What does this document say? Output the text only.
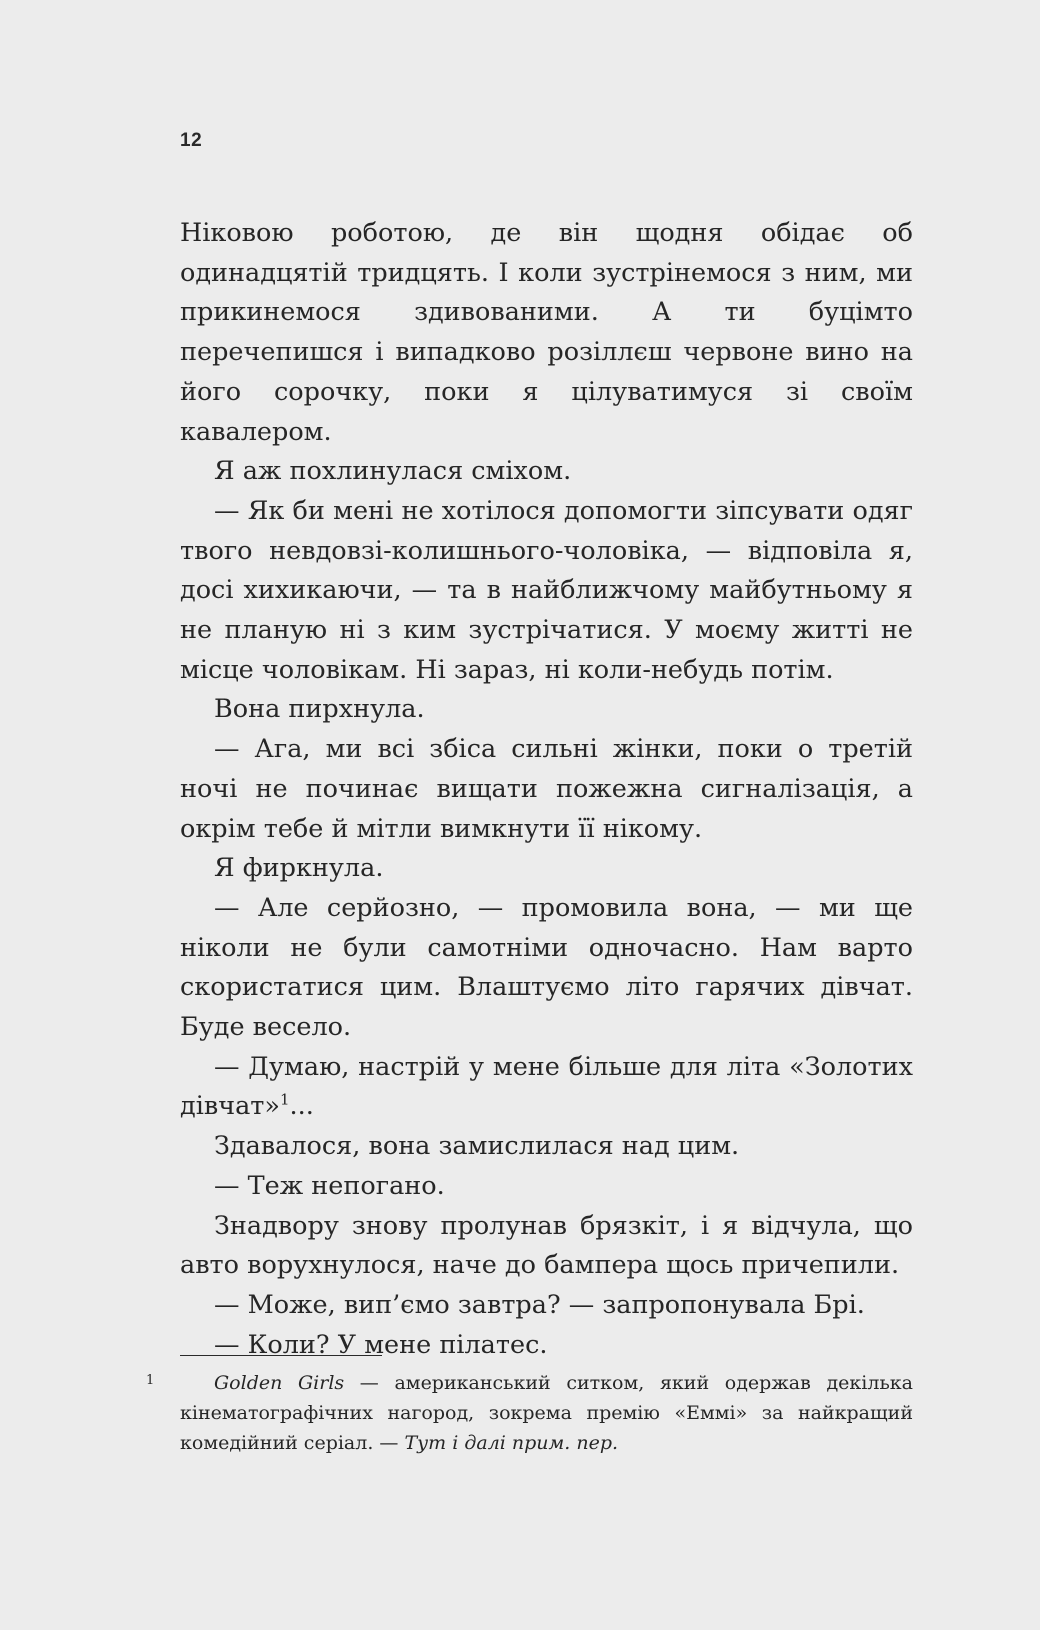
12

Ніковою роботою, де він щодня обідає об одинадцятій тридцять. І коли зустрінемося з ним, ми прикинемося здивованими. А ти буцімто перечепишся і випадково розіллєш червоне вино на його сорочку, поки я цілуватимуся зі своїм кавалером.

Я аж похлинулася сміхом.

— Як би мені не хотілося допомогти зіпсувати одяг твого невдовзі-колишнього-чоловіка, — відповіла я, досі хихикаючи, — та в найближчому майбутньому я не планую ні з ким зустрічатися. У моєму житті не місце чоловікам. Ні зараз, ні коли-небудь потім.

Вона пирхнула.

— Ага, ми всі збіса сильні жінки, поки о третій ночі не починає вищати пожежна сигналізація, а окрім тебе й мітли вимкнути її нікому.

Я фиркнула.

— Але серйозно, — промовила вона, — ми ще ніколи не були самотніми одночасно. Нам варто скористатися цим. Влаштуємо літо гарячих дівчат. Буде весело.

— Думаю, настрій у мене більше для літа «Золотих дівчат»$^1$...

Здавалося, вона замислилася над цим.

— Теж непогано.

Знадвору знову пролунав брязкіт, і я відчула, що авто ворухнулося, наче до бампера щось причепили.

— Може, вип’ємо завтра? — запропонувала Брі.

— Коли? У мене пілатес.

1	Golden Girls — американський ситком, який одержав декілька кінематографічних нагород, зокрема премію «Еммі» за найкращий комедійний серіал. — Тут і далі прим. пер.
